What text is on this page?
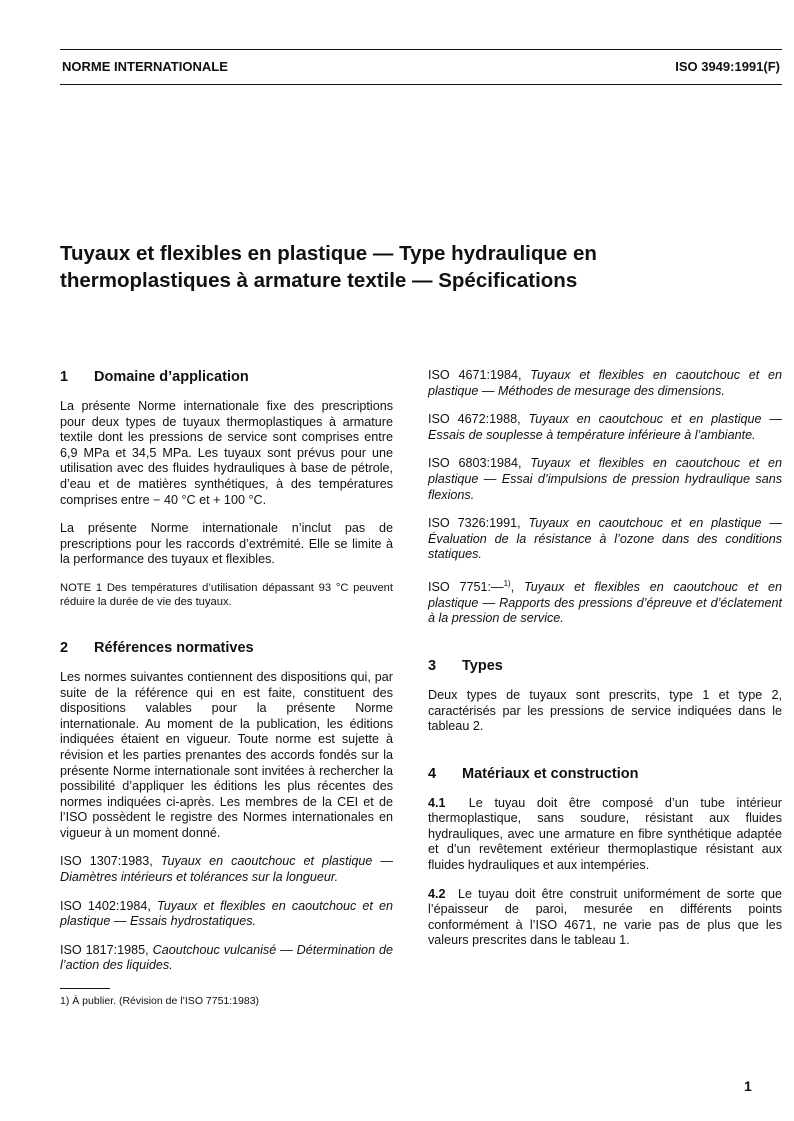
NORME INTERNATIONALE	ISO 3949:1991(F)
Tuyaux et flexibles en plastique — Type hydraulique en
thermoplastiques à armature textile — Spécifications
1 Domaine d’application
La présente Norme internationale fixe des prescriptions pour deux types de tuyaux thermoplastiques à armature textile dont les pressions de service sont comprises entre 6,9 MPa et 34,5 MPa. Les tuyaux sont prévus pour une utilisation avec des fluides hydrauliques à base de pétrole, d’eau et de matières synthétiques, à des températures comprises entre − 40 °C et + 100 °C.
La présente Norme internationale n’inclut pas de prescriptions pour les raccords d’extrémité. Elle se limite à la performance des tuyaux et flexibles.
NOTE 1 Des températures d’utilisation dépassant 93 °C peuvent réduire la durée de vie des tuyaux.
2 Références normatives
Les normes suivantes contiennent des dispositions qui, par suite de la référence qui en est faite, constituent des dispositions valables pour la présente Norme internationale. Au moment de la publication, les éditions indiquées étaient en vigueur. Toute norme est sujette à révision et les parties prenantes des accords fondés sur la présente Norme internationale sont invitées à rechercher la possibilité d’appliquer les éditions les plus récentes des normes indiquées ci-après. Les membres de la CEI et de l’ISO possèdent le registre des Normes internationales en vigueur à un moment donné.
ISO 1307:1983, Tuyaux en caoutchouc et plastique — Diamètres intérieurs et tolérances sur la longueur.
ISO 1402:1984, Tuyaux et flexibles en caoutchouc et en plastique — Essais hydrostatiques.
ISO 1817:1985, Caoutchouc vulcanisé — Détermination de l’action des liquides.
1) À publier. (Révision de l’ISO 7751:1983)
ISO 4671:1984, Tuyaux et flexibles en caoutchouc et en plastique — Méthodes de mesurage des dimensions.
ISO 4672:1988, Tuyaux en caoutchouc et en plastique — Essais de souplesse à température inférieure à l’ambiante.
ISO 6803:1984, Tuyaux et flexibles en caoutchouc et en plastique — Essai d’impulsions de pression hydraulique sans flexions.
ISO 7326:1991, Tuyaux en caoutchouc et en plastique — Évaluation de la résistance à l’ozone dans des conditions statiques.
ISO 7751:—$^{1)}$, Tuyaux et flexibles en caoutchouc et en plastique — Rapports des pressions d’épreuve et d’éclatement à la pression de service.
3 Types
Deux types de tuyaux sont prescrits, type 1 et type 2, caractérisés par les pressions de service indiquées dans le tableau 2.
4 Matériaux et construction
4.1 Le tuyau doit être composé d’un tube intérieur thermoplastique, sans soudure, résistant aux fluides hydrauliques, avec une armature en fibre synthétique adaptée et d’un revêtement extérieur thermoplastique résistant aux fluides hydrauliques et aux intempéries.
4.2 Le tuyau doit être construit uniformément de sorte que l’épaisseur de paroi, mesurée en différents points conformément à l’ISO 4671, ne varie pas de plus que les valeurs prescrites dans le tableau 1.
1
